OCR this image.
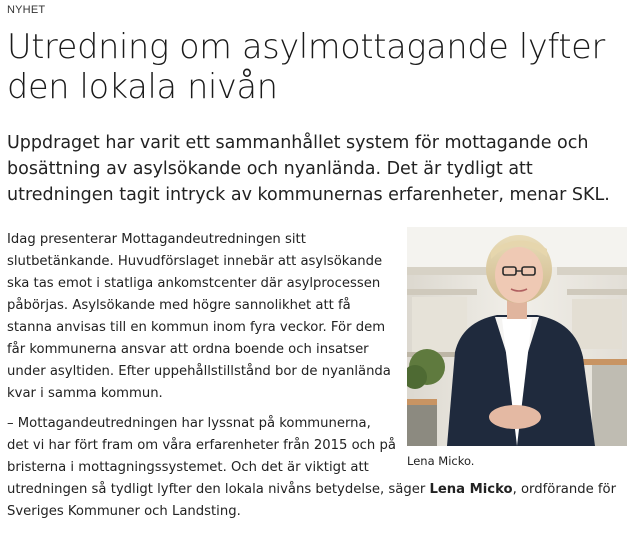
NYHET
Utredning om asylmottagande lyfter den lokala nivån

Uppdraget har varit ett sammanhållet system för mottagande och bosättning av asylsökande och nyanlända. Det är tydligt att utredningen tagit intryck av kommunernas erfarenheter, menar SKL.

Lena Micko.

Idag presenterar Mottagandeutredningen sitt slutbetänkande. Huvudförslaget innebär att asylsökande ska tas emot i statliga ankomstcenter där asylprocessen påbörjas. Asylsökande med högre sannolikhet att få stanna anvisas till en kommun inom fyra veckor. För dem får kommunerna ansvar att ordna boende och insatser under asyltiden. Efter uppehållstillstånd bor de nyanlända kvar i samma kommun.

– Mottagandeutredningen har lyssnat på kommunerna,
det vi har fört fram om våra erfarenheter från 2015 och på
bristerna i mottagningssystemet. Och det är viktigt att
utredningen så tydligt lyfter den lokala nivåns betydelse, säger Lena Micko, ordförande för
Sveriges Kommuner och Landsting.
